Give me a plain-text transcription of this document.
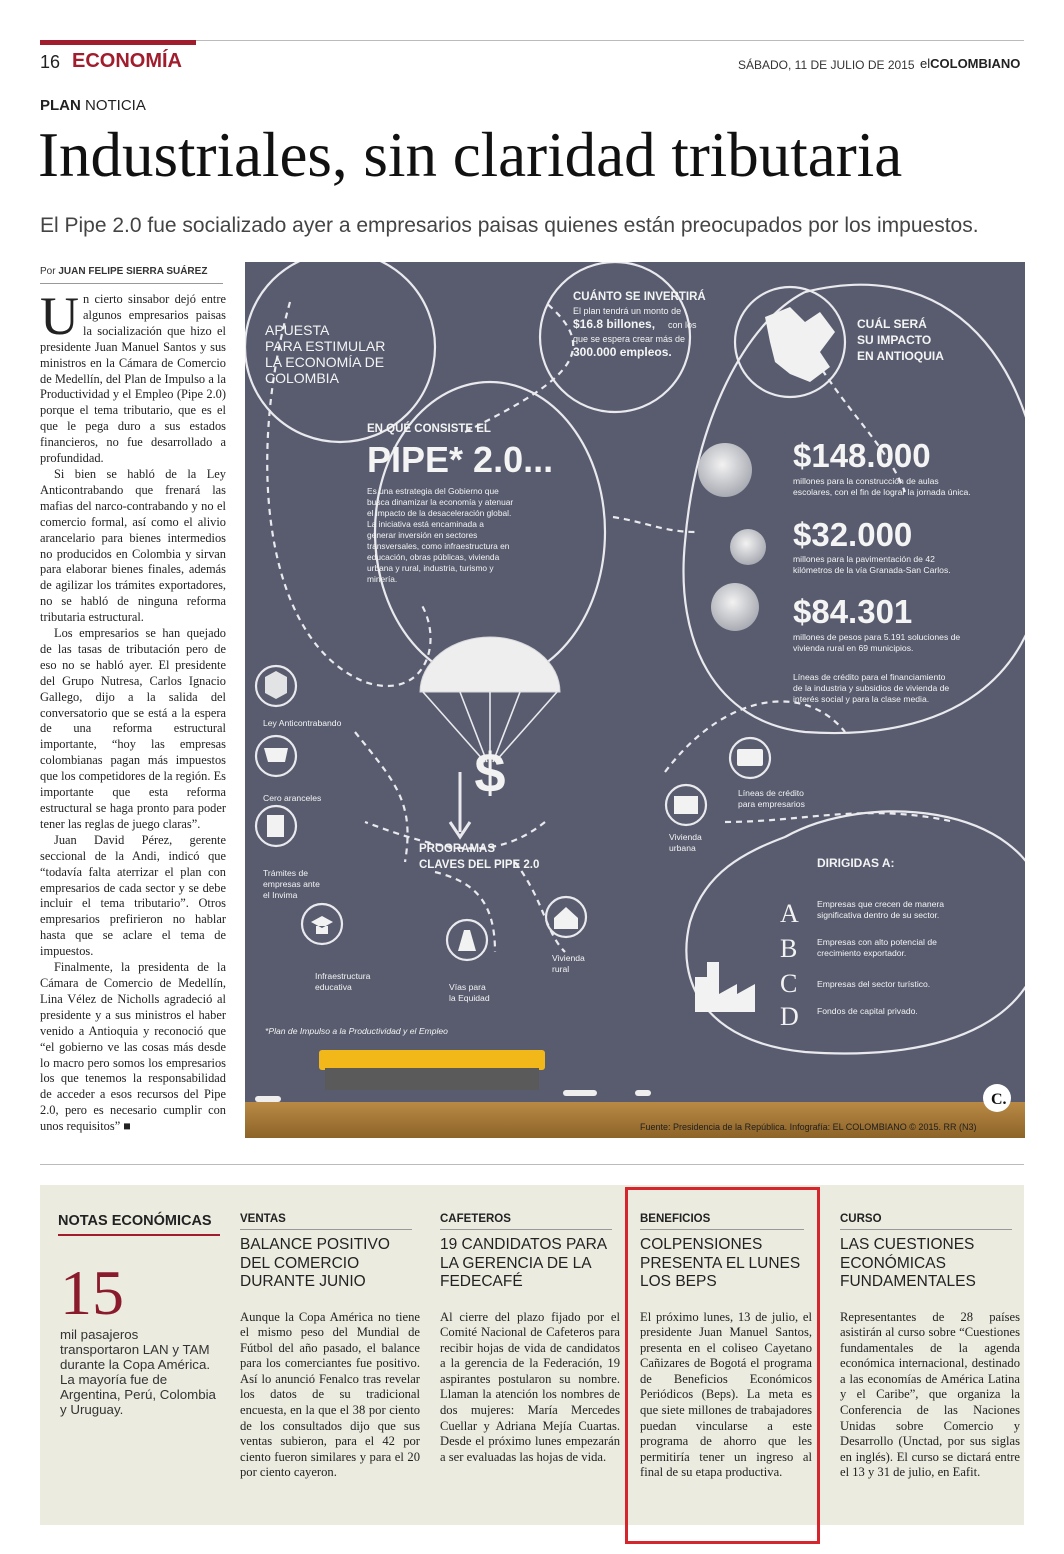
16 ECONOMÍA	SÁBADO, 11 DE JULIO DE 2015 elCOLOMBIANO
PLAN NOTICIA
Industriales, sin claridad tributaria
El Pipe 2.0 fue socializado ayer a empresarios paisas quienes están preocupados por los impuestos.
Por JUAN FELIPE SIERRA SUÁREZ

Un cierto sinsabor dejó entre algunos empresarios paisas la socialización que hizo el presidente Juan Manuel Santos y sus ministros en la Cámara de Comercio de Medellín, del Plan de Impulso a la Productividad y el Empleo (Pipe 2.0) porque el tema tributario, que es el que le pega duro a sus estados financieros, no fue desarrollado a profundidad.

Si bien se habló de la Ley Anticontrabando que frenará las mafias del narco-contrabando y no el comercio formal, así como el alivio arancelario para bienes intermedios no producidos en Colombia y sirvan para elaborar bienes finales, además de agilizar los trámites exportadores, no se habló de ninguna reforma tributaria estructural.

Los empresarios se han quejado de las tasas de tributación pero de eso no se habló ayer. El presidente del Grupo Nutresa, Carlos Ignacio Gallego, dijo a la salida del conversatorio que se está a la espera de una reforma estructural importante, “hoy las empresas colombianas pagan más impuestos que los competidores de la región. Es importante que esta reforma estructural se haga pronto para poder tener las reglas de juego claras”.

Juan David Pérez, gerente seccional de la Andi, indicó que “todavía falta aterrizar el plan con empresarios de cada sector y se debe incluir el tema tributario”. Otros empresarios prefirieron no hablar hasta que se aclare el tema de impuestos.

Finalmente, la presidenta de la Cámara de Comercio de Medellín, Lina Vélez de Nicholls agradeció al presidente y a sus ministros el haber venido a Antioquia y reconoció que “el gobierno ve las cosas más desde lo macro pero somos los empresarios los que tenemos la responsabilidad de acceder a esos recursos del Pipe 2.0, pero es necesario cumplir con unos requisitos” ■

$
A
B
C
D
APUESTA
PARA ESTIMULAR
LA ECONOMÍA DE
COLOMBIA
CUÁNTO SE INVERTIRÁ
El plan tendrá un monto de
$16.8 billones, con los
que se espera crear más de
300.000 empleos.
CUÁL SERÁ
SU IMPACTO
EN ANTIOQUIA
EN QUÉ CONSISTE EL
PIPE* 2.0...
Es una estrategia del Gobierno que
busca dinamizar la economía y atenuar
el impacto de la desaceleración global.
La iniciativa está encaminada a
generar inversión en sectores
transversales, como infraestructura en
educación, obras públicas, vivienda
urbana y rural, industria, turismo y
minería.
$148.000
millones para la construcción de aulas
escolares, con el fin de lograr la jornada única.
$32.000
millones para la pavimentación de 42
kilómetros de la vía Granada-San Carlos.
$84.301
millones de pesos para 5.191 soluciones de
vivienda rural en 69 municipios.
Líneas de crédito para el financiamiento
de la industria y subsidios de vivienda de
interés social y para la clase media.
PROGRAMAS
CLAVES DEL PIPE 2.0
Ley Anticontrabando
Cero aranceles
Trámites de
empresas ante
el Invima
Infraestructura
educativa	Vías para
la Equidad
Vivienda
rural
Vivienda
urbana
Líneas de crédito
para empresarios
DIRIGIDAS A:
Empresas que crecen de manera
significativa dentro de su sector.
Empresas con alto potencial de
crecimiento exportador.
Empresas del sector turístico.
Fondos de capital privado.
*Plan de Impulso a la Productividad y el Empleo
Fuente: Presidencia de la República. Infografía: EL COLOMBIANO © 2015. RR (N3)
C.
NOTAS ECONÓMICAS
15
mil pasajeros transportaron LAN y TAM durante la Copa América. La mayoría fue de Argentina, Perú, Colombia y Uruguay.
VENTAS
BALANCE POSITIVO DEL COMERCIO DURANTE JUNIO
Aunque la Copa América no tiene el mismo peso del Mundial de Fútbol del año pasado, el balance para los comerciantes fue positivo. Así lo anunció Fenalco tras revelar los datos de su tradicional encuesta, en la que el 38 por ciento de los consultados dijo que sus ventas subieron, para el 42 por ciento fueron similares y para el 20 por ciento cayeron.
CAFETEROS
19 CANDIDATOS PARA LA GERENCIA DE LA FEDECAFÉ
Al cierre del plazo fijado por el Comité Nacional de Cafeteros para recibir hojas de vida de candidatos a la gerencia de la Federación, 19 aspirantes postularon su nombre. Llaman la atención los nombres de dos mujeres: María Mercedes Cuellar y Adriana Mejía Cuartas. Desde el próximo lunes empezarán a ser evaluadas las hojas de vida.
BENEFICIOS
COLPENSIONES PRESENTA EL LUNES LOS BEPS
El próximo lunes, 13 de julio, el presidente Juan Manuel Santos, presenta en el coliseo Cayetano Cañizares de Bogotá el programa de Beneficios Económicos Periódicos (Beps). La meta es que siete millones de trabajadores puedan vincularse a este programa de ahorro que les permitiría tener un ingreso al final de su etapa productiva.
CURSO
LAS CUESTIONES ECONÓMICAS FUNDAMENTALES
Representantes de 28 países asistirán al curso sobre “Cuestiones fundamentales de la agenda económica internacional, destinado a las economías de América Latina y el Caribe”, que organiza la Conferencia de las Naciones Unidas sobre Comercio y Desarrollo (Unctad, por sus siglas en inglés). El curso se dictará entre el 13 y 31 de julio, en Eafit.
